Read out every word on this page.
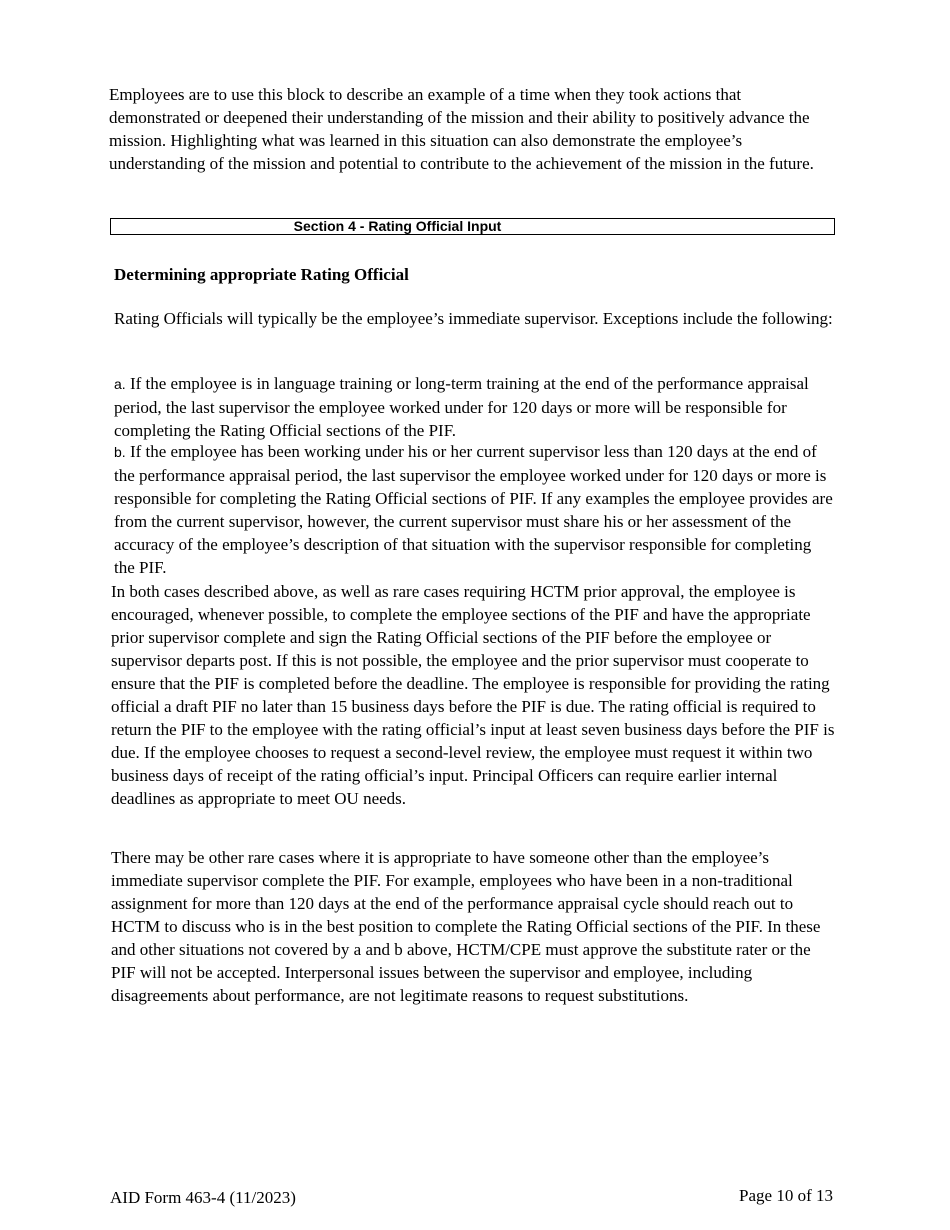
Employees are to use this block to describe an example of a time when they took actions that demonstrated or deepened their understanding of the mission and their ability to positively advance the mission. Highlighting what was learned in this situation can also demonstrate the employee’s understanding of the mission and potential to contribute to the achievement of the mission in the future.

Section 4 - Rating Official Input
Determining appropriate Rating Official

Rating Officials will typically be the employee’s immediate supervisor. Exceptions include the following:

a. If the employee is in language training or long-term training at the end of the performance appraisal period, the last supervisor the employee worked under for 120 days or more will be responsible for completing the Rating Official sections of the PIF.

b. If the employee has been working under his or her current supervisor less than 120 days at the end of the performance appraisal period, the last supervisor the employee worked under for 120 days or more is responsible for completing the Rating Official sections of PIF. If any examples the employee provides are from the current supervisor, however, the current supervisor must share his or her assessment of the accuracy of the employee’s description of that situation with the supervisor responsible for completing the PIF.

In both cases described above, as well as rare cases requiring HCTM prior approval, the employee is encouraged, whenever possible, to complete the employee sections of the PIF and have the appropriate prior supervisor complete and sign the Rating Official sections of the PIF before the employee or supervisor departs post. If this is not possible, the employee and the prior supervisor must cooperate to ensure that the PIF is completed before the deadline. The employee is responsible for providing the rating official a draft PIF no later than 15 business days before the PIF is due. The rating official is required to return the PIF to the employee with the rating official’s input at least seven business days before the PIF is due. If the employee chooses to request a second-level review, the employee must request it within two business days of receipt of the rating official’s input. Principal Officers can require earlier internal deadlines as appropriate to meet OU needs.

There may be other rare cases where it is appropriate to have someone other than the employee’s immediate supervisor complete the PIF. For example, employees who have been in a non-traditional assignment for more than 120 days at the end of the performance appraisal cycle should reach out to HCTM to discuss who is in the best position to complete the Rating Official sections of the PIF. In these and other situations not covered by a and b above, HCTM/CPE must approve the substitute rater or the PIF will not be accepted. Interpersonal issues between the supervisor and employee, including disagreements about performance, are not legitimate reasons to request substitutions.

AID Form 463-4 (11/2023)	Page 10 of 13
